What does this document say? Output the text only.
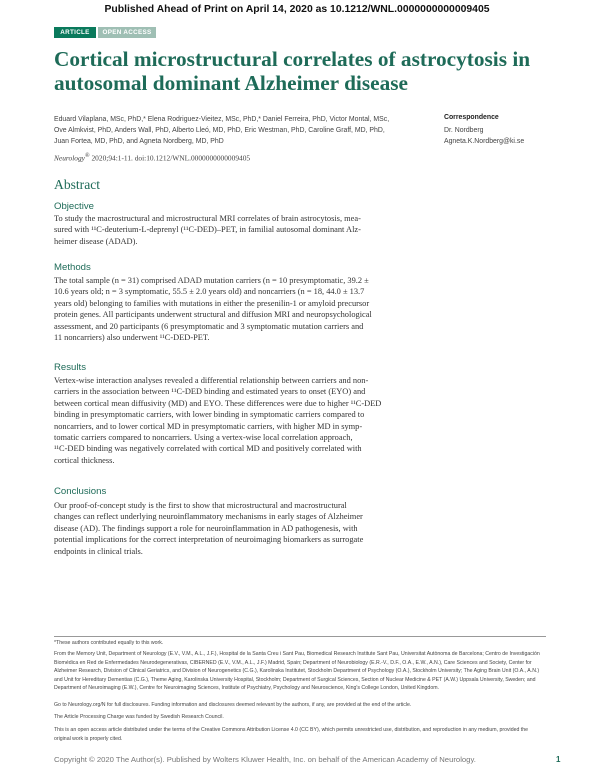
Published Ahead of Print on April 14, 2020 as 10.1212/WNL.0000000000009405
ARTICLE	OPEN ACCESS
Cortical microstructural correlates of astrocytosis in autosomal dominant Alzheimer disease
Eduard Vilaplana, MSc, PhD,* Elena Rodriguez-Vieitez, MSc, PhD,* Daniel Ferreira, PhD, Victor Montal, MSc,
Ove Almkvist, PhD, Anders Wall, PhD, Alberto Lleó, MD, PhD, Eric Westman, PhD, Caroline Graff, MD, PhD,
Juan Fortea, MD, PhD, and Agneta Nordberg, MD, PhD
Neurology® 2020;94:1-11. doi:10.1212/WNL.0000000000009405
Correspondence
Dr. Nordberg
Agneta.K.Nordberg@ki.se
Abstract
Objective
To study the macrostructural and microstructural MRI correlates of brain astrocytosis, mea-
sured with ¹¹C-deuterium-L-deprenyl (¹¹C-DED)–PET, in familial autosomal dominant Alz-
heimer disease (ADAD).
Methods
The total sample (n = 31) comprised ADAD mutation carriers (n = 10 presymptomatic, 39.2 ±
10.6 years old; n = 3 symptomatic, 55.5 ± 2.0 years old) and noncarriers (n = 18, 44.0 ± 13.7
years old) belonging to families with mutations in either the presenilin-1 or amyloid precursor
protein genes. All participants underwent structural and diffusion MRI and neuropsychological
assessment, and 20 participants (6 presymptomatic and 3 symptomatic mutation carriers and
11 noncarriers) also underwent ¹¹C-DED-PET.
Results
Vertex-wise interaction analyses revealed a differential relationship between carriers and non-
carriers in the association between ¹¹C-DED binding and estimated years to onset (EYO) and
between cortical mean diffusivity (MD) and EYO. These differences were due to higher ¹¹C-DED
binding in presymptomatic carriers, with lower binding in symptomatic carriers compared to
noncarriers, and to lower cortical MD in presymptomatic carriers, with higher MD in symp-
tomatic carriers compared to noncarriers. Using a vertex-wise local correlation approach,
¹¹C-DED binding was negatively correlated with cortical MD and positively correlated with
cortical thickness.
Conclusions
Our proof-of-concept study is the first to show that microstructural and macrostructural
changes can reflect underlying neuroinflammatory mechanisms in early stages of Alzheimer
disease (AD). The findings support a role for neuroinflammation in AD pathogenesis, with
potential implications for the correct interpretation of neuroimaging biomarkers as surrogate
endpoints in clinical trials.
*These authors contributed equally to this work.
From the Memory Unit, Department of Neurology (E.V., V.M., A.L., J.F.), Hospital de la Santa Creu i Sant Pau, Biomedical Research Institute Sant Pau, Universitat Autònoma de Barcelona; Centro de Investigación Biomédica en Red de Enfermedades Neurodegenerativas, CIBERNED (E.V., V.M., A.L., J.F.) Madrid, Spain; Department of Neurobiology (E.R.-V., D.F., O.A., E.W., A.N.), Care Sciences and Society, Center for Alzheimer Research, Division of Clinical Geriatrics, and Division of Neurogenetics (C.G.), Karolinska Institutet, Stockholm Department of Psychology (O.A.), Stockholm University; The Aging Brain Unit (O.A., A.N.) and Unit for Hereditary Dementias (C.G.), Theme Aging, Karolinska University Hospital, Stockholm; Department of Surgical Sciences, Section of Nuclear Medicine & PET (A.W.) Uppsala University, Sweden; and Department of Neuroimaging (E.W.), Centre for Neuroimaging Sciences, Institute of Psychiatry, Psychology and Neuroscience, King's College London, United Kingdom.
Go to Neurology.org/N for full disclosures. Funding information and disclosures deemed relevant by the authors, if any, are provided at the end of the article.
The Article Processing Charge was funded by Swedish Research Council.
This is an open access article distributed under the terms of the Creative Commons Attribution License 4.0 (CC BY), which permits unrestricted use, distribution, and reproduction in any medium, provided the original work is properly cited.
Copyright © 2020 The Author(s). Published by Wolters Kluwer Health, Inc. on behalf of the American Academy of Neurology.	1
